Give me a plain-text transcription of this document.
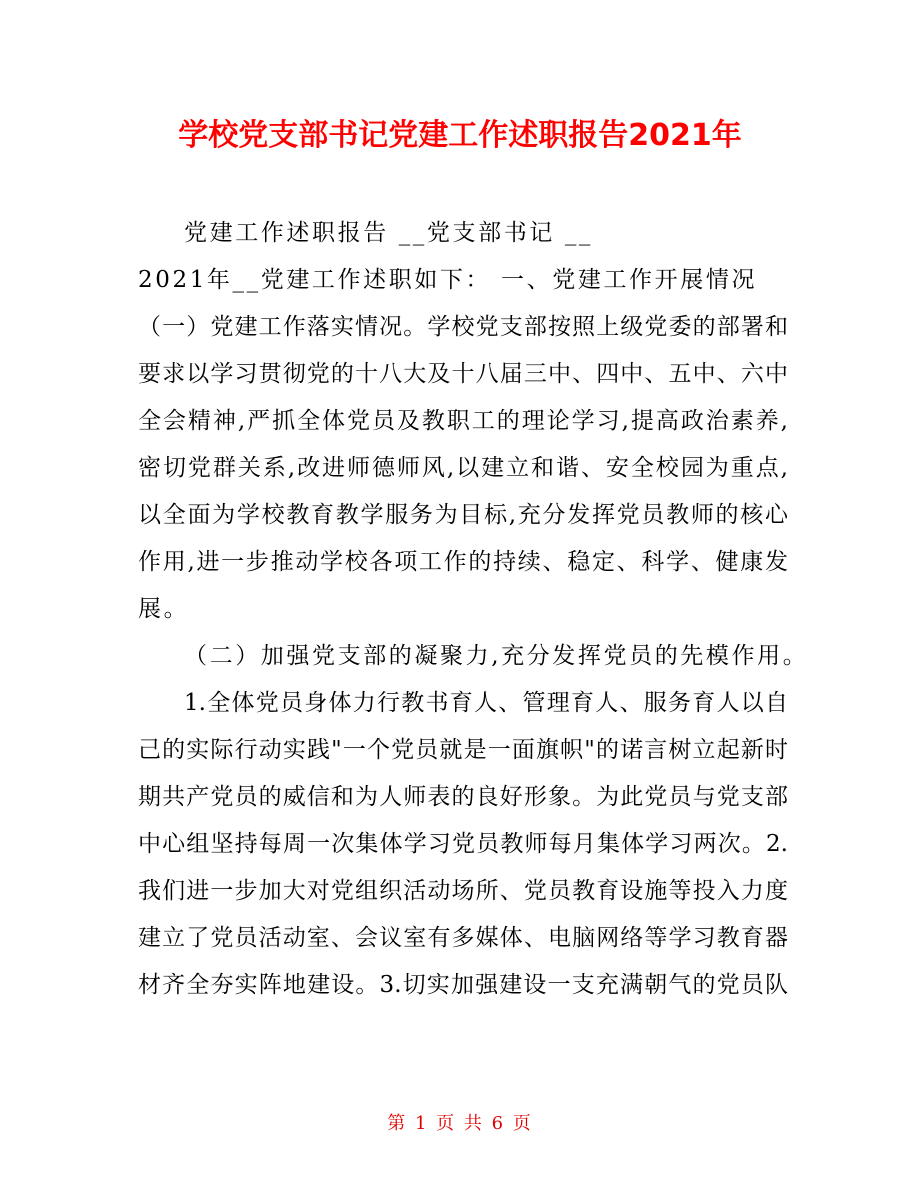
学校党支部书记党建工作述职报告2021年
党建工作述职报告 __党支部书记 __
2021年__党建工作述职如下： 一、党建工作开展情况
（一）党建工作落实情况。学校党支部按照上级党委的部署和
要求以学习贯彻党的十八大及十八届三中、四中、五中、六中
全会精神,严抓全体党员及教职工的理论学习,提高政治素养,
密切党群关系,改进师德师风,以建立和谐、安全校园为重点,
以全面为学校教育教学服务为目标,充分发挥党员教师的核心
作用,进一步推动学校各项工作的持续、稳定、科学、健康发
展。
（二）加强党支部的凝聚力,充分发挥党员的先模作用。
1.全体党员身体力行教书育人、管理育人、服务育人以自
己的实际行动实践"一个党员就是一面旗帜"的诺言树立起新时
期共产党员的威信和为人师表的良好形象。为此党员与党支部
中心组坚持每周一次集体学习党员教师每月集体学习两次。2.
我们进一步加大对党组织活动场所、党员教育设施等投入力度
建立了党员活动室、会议室有多媒体、电脑网络等学习教育器
材齐全夯实阵地建设。3.切实加强建设一支充满朝气的党员队
第 1 页 共 6 页
